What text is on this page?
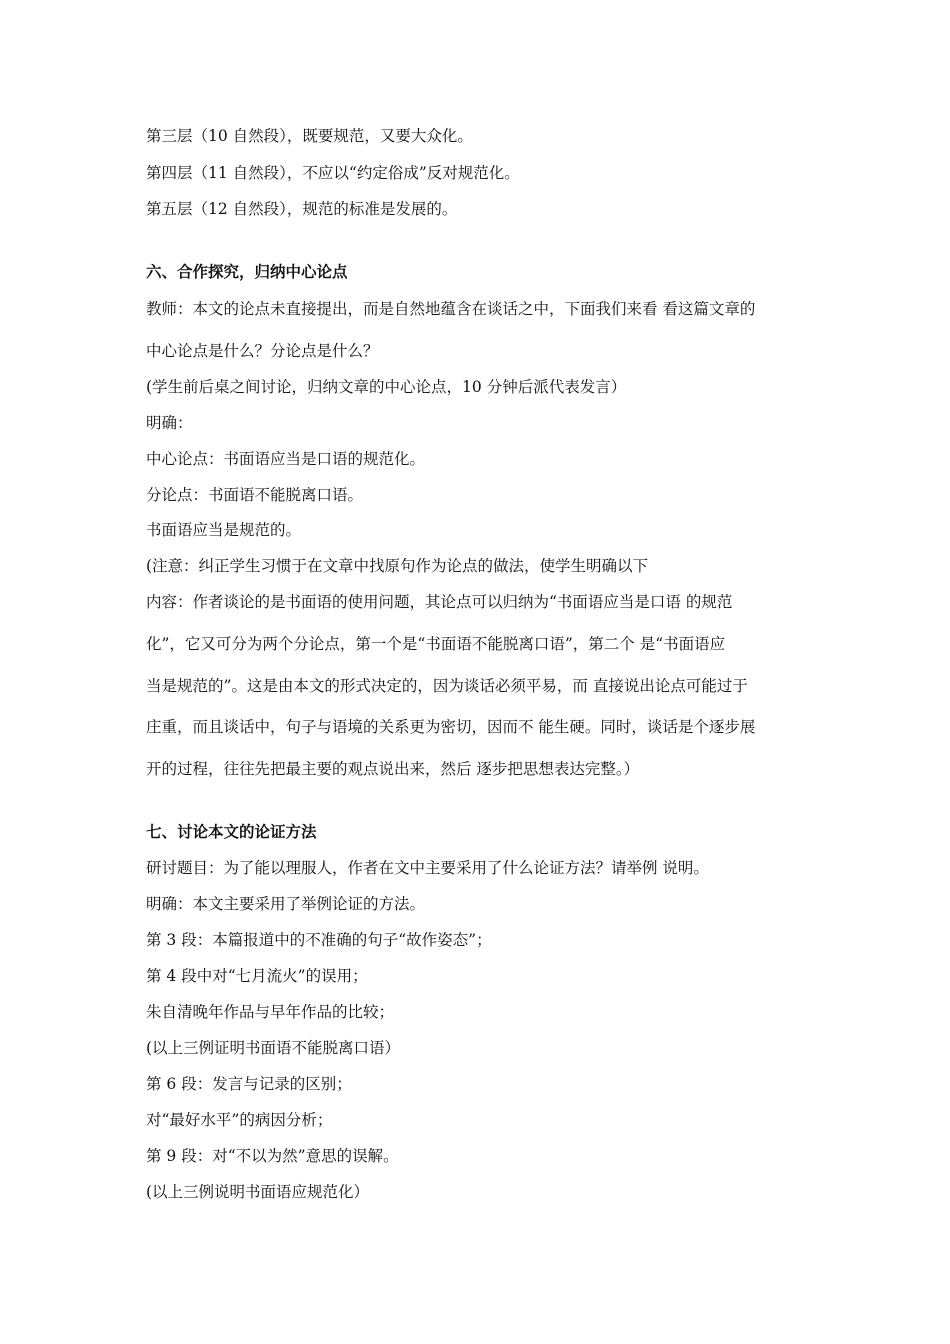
第三层（10 自然段），既要规范，又要大众化。
第四层（11 自然段），不应以“约定俗成”反对规范化。
第五层（12 自然段），规范的标准是发展的。
六、合作探究，归纳中心论点
教师：本文的论点未直接提出，而是自然地蕴含在谈话之中，下面我们来看 看这篇文章的
中心论点是什么？分论点是什么？
(学生前后桌之间讨论，归纳文章的中心论点，10 分钟后派代表发言）
明确：
中心论点：书面语应当是口语的规范化。
分论点：书面语不能脱离口语。
书面语应当是规范的。
(注意：纠正学生习惯于在文章中找原句作为论点的做法，使学生明确以下
内容：作者谈论的是书面语的使用问题，其论点可以归纳为“书面语应当是口语 的规范
化”，它又可分为两个分论点，第一个是“书面语不能脱离口语”，第二个 是“书面语应
当是规范的”。这是由本文的形式决定的，因为谈话必须平易，而 直接说出论点可能过于
庄重，而且谈话中，句子与语境的关系更为密切，因而不 能生硬。同时，谈话是个逐步展
开的过程，往往先把最主要的观点说出来，然后 逐步把思想表达完整。）
七、讨论本文的论证方法
研讨题目：为了能以理服人，作者在文中主要采用了什么论证方法？请举例 说明。
明确：本文主要采用了举例论证的方法。
第 3 段：本篇报道中的不准确的句子“故作姿态”；
第 4 段中对“七月流火”的误用；
朱自清晚年作品与早年作品的比较；
(以上三例证明书面语不能脱离口语）
第 6 段：发言与记录的区别；
对“最好水平”的病因分析；
第 9 段：对“不以为然”意思的误解。
(以上三例说明书面语应规范化）
